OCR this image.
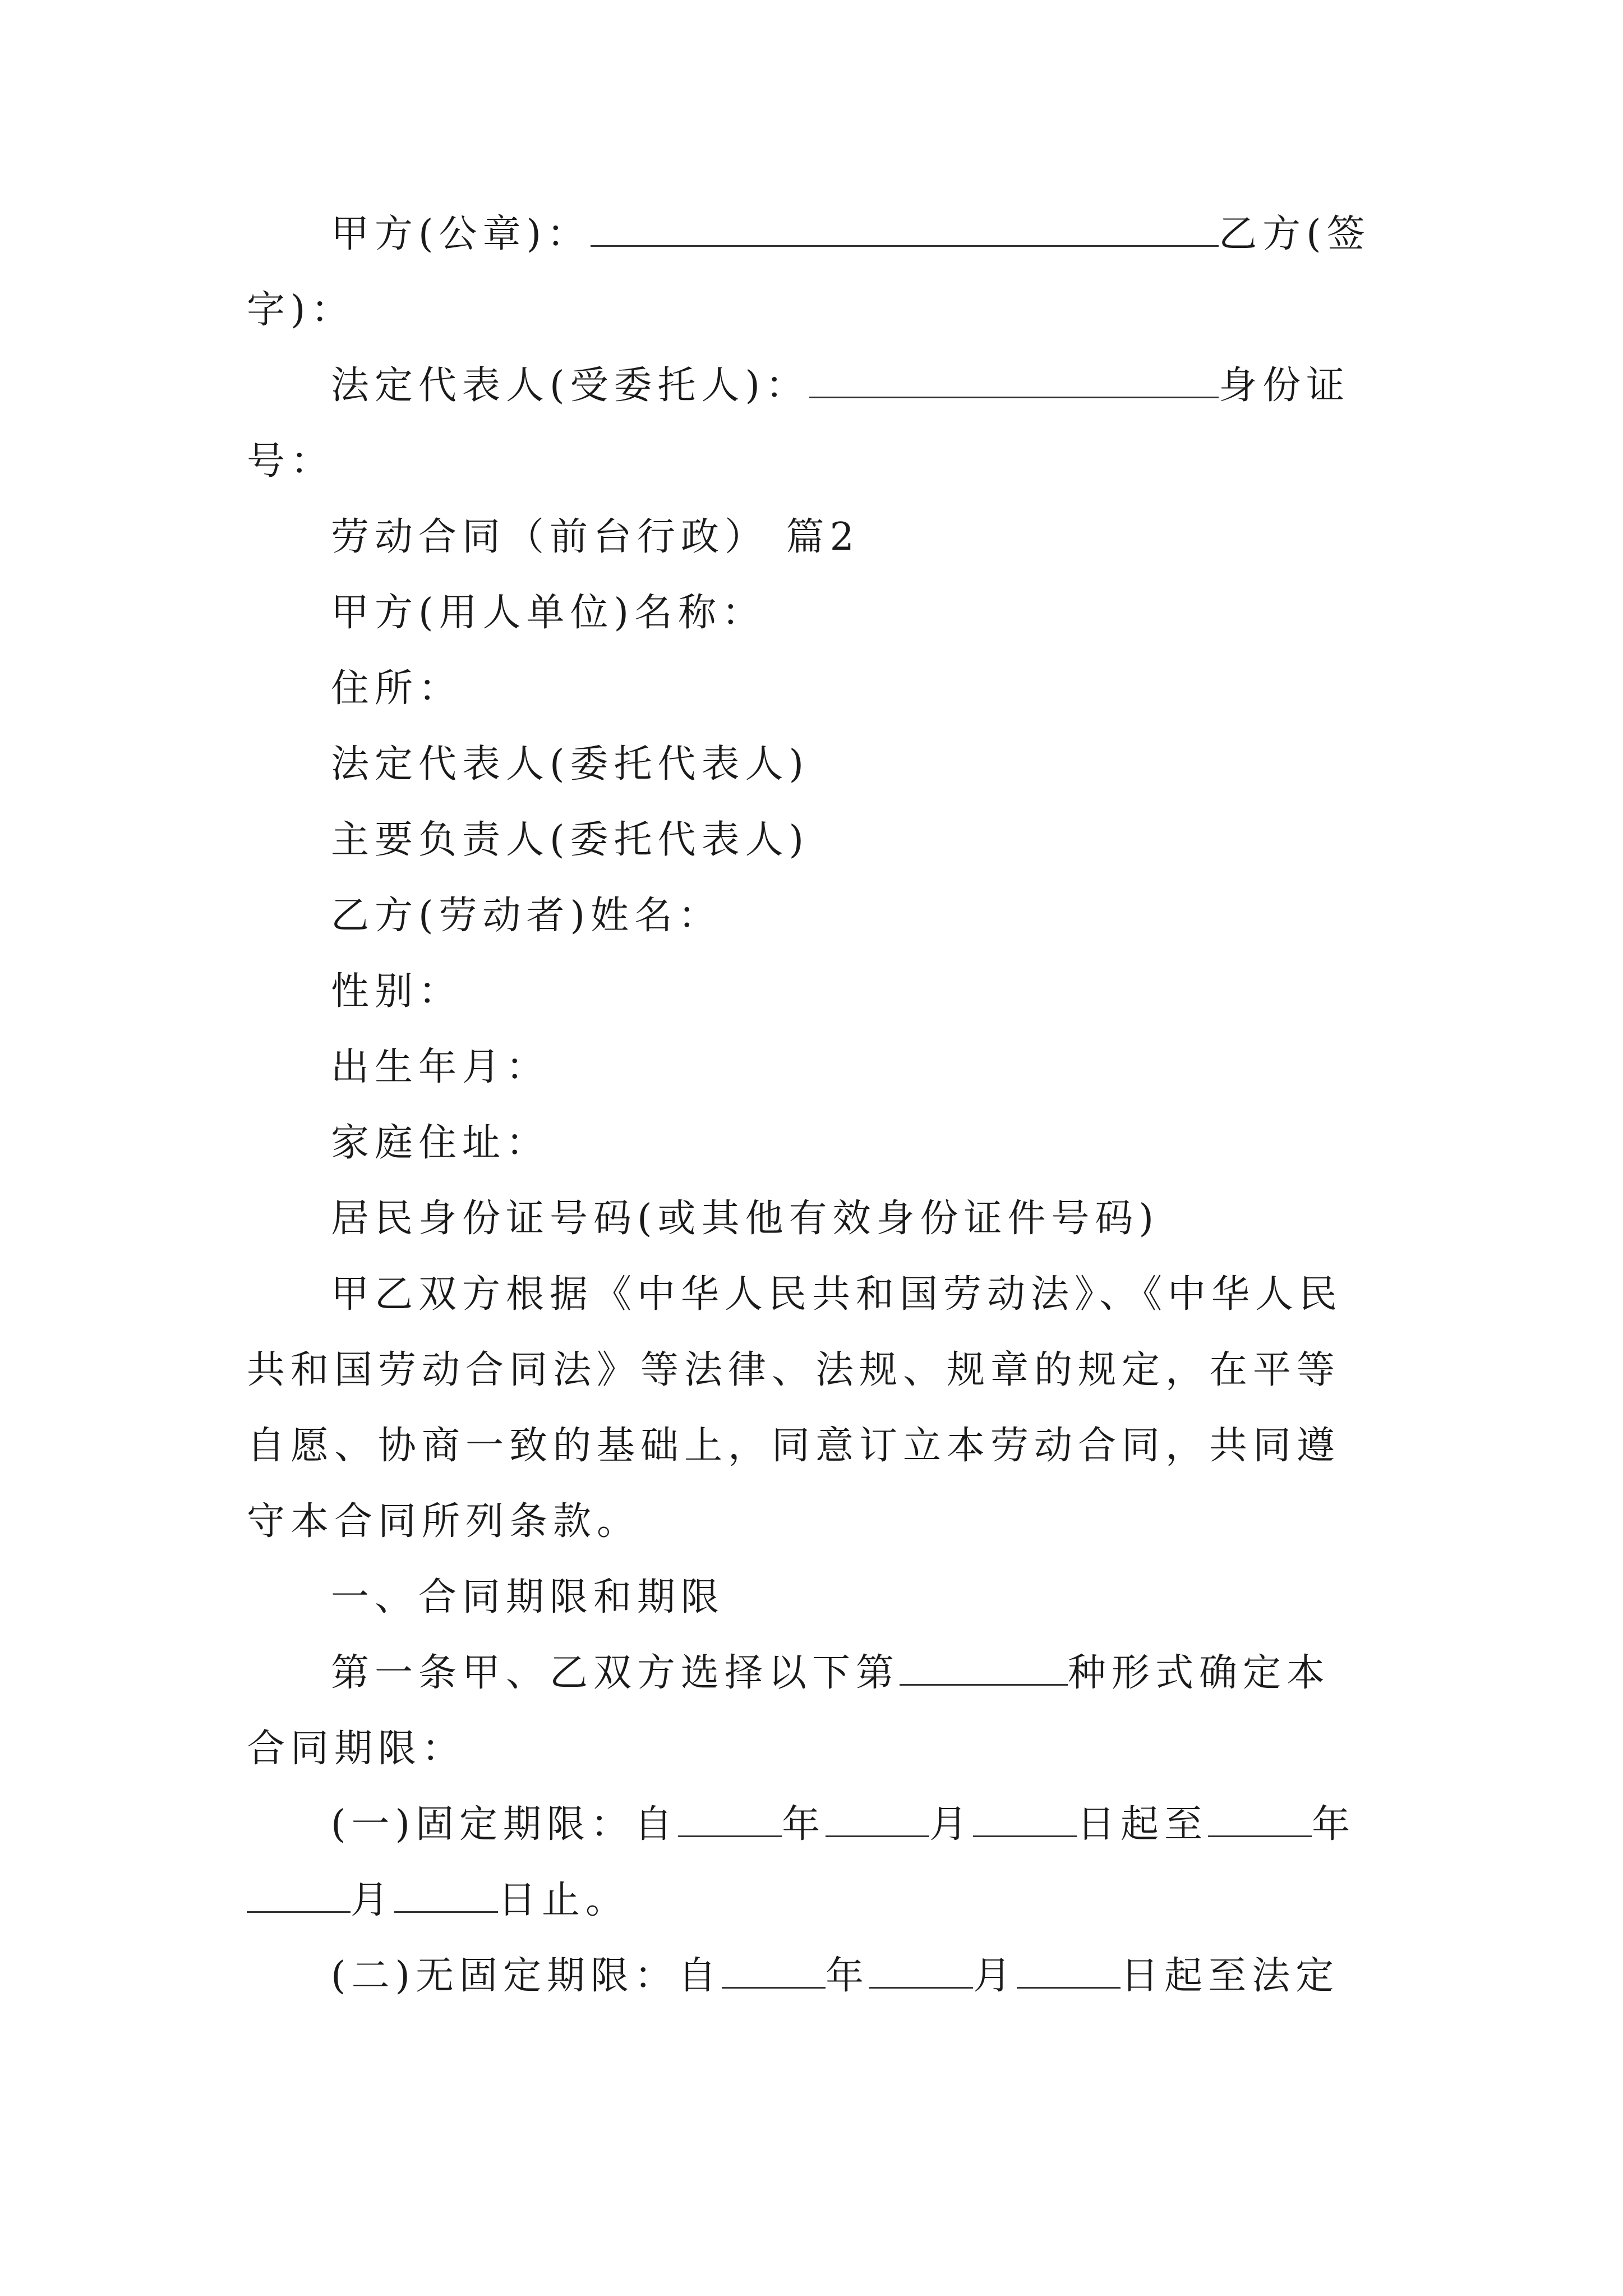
甲方(公章)：	乙方(签字)：

法定代表人(受委托人)：	身份证号：

劳动合同（前台行政） 篇2

甲方(用人单位)名称：

住所：

法定代表人(委托代表人)

主要负责人(委托代表人)

乙方(劳动者)姓名：

性别：

出生年月：

家庭住址：

居民身份证号码(或其他有效身份证件号码)

甲乙双方根据《中华人民共和国劳动法》、《中华人民共和国劳动合同法》等法律、法规、规章的规定，在平等自愿、协商一致的基础上，同意订立本劳动合同，共同遵守本合同所列条款。

一、合同期限和期限

第一条甲、乙双方选择以下第	种形式确定本合同期限：

(一)固定期限：自	年	月	日起至	年月	日止。

(二)无固定期限：自	年	月	日起至法定
